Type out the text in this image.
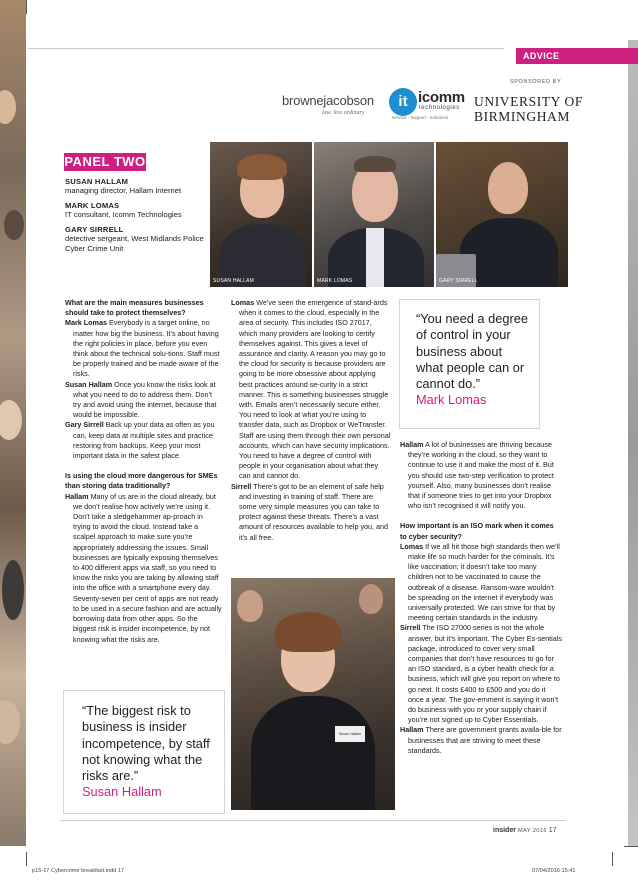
ADVICE
SPONSORED BY
brownejacobson
law. less ordinary
it icomm
technologies
service · support · solutions
UNIVERSITY OF
BIRMINGHAM
PANEL TWO
SUSAN HALLAM
managing director, Hallam Internet
MARK LOMAS
IT consultant, Icomm Technologies
GARY SIRRELL
detective sergeant, West Midlands Police Cyber Crime Unit
SUSAN HALLAM	MARK LOMAS	GARY SIRRELL

What are the main measures businesses should take to protect themselves?

Mark Lomas Everybody is a target online, no matter how big the business. It’s about having the right policies in place, before you even think about the technical solu-tions. Staff must be properly trained and be made aware of the risks.

Susan Hallam Once you know the risks look at what you need to do to address them. Don’t try and avoid using the internet, because that would be impossible.

Gary Sirrell Back up your data as often as you can, keep data at multiple sites and practice restoring from backups. Keep your most important data in the safest place.

Is using the cloud more dangerous for SMEs than storing data traditionally?

Hallam Many of us are in the cloud already, but we don’t realise how actively we’re using it. Don’t take a sledgehammer ap-proach in trying to avoid the cloud. Instead take a scalpel approach to make sure you’re appropriately addressing the issues. Small businesses are typically exposing themselves to 400 different apps via staff, so you need to know the risks you are taking by allowing staff into the office with a smartphone every day. Seventy-seven per cent of apps are not ready to be used in a secure fashion and are actually borrowing data from other apps. So the biggest risk is insider incompetence, by not knowing what the risks are.

Lomas We’ve seen the emergence of stand-ards when it comes to the cloud, especially in the area of security. This includes ISO 27017, which many providers are looking to certify themselves against. This gives a level of assurance and clarity. A reason you may go to the cloud for security is because providers are going to be more obsessive about applying best practices around se-curity in a strict manner. This is something businesses struggle with. Emails aren’t necessarily secure either. You need to look at what you’re using to transfer data, such as Dropbox or WeTransfer. Staff are using them through their own personal accounts, which can have security implications. You need to have a degree of control with people in your organisation about what they can and cannot do.

Sirrell There’s got to be an element of safe help and investing in training of staff. There are some very simple measures you can take to protect against these threats. There’s a vast amount of resources available to help you, and it’s all free.

Susan Hallam

Hallam A lot of businesses are thriving because they’re working in the cloud, so they want to continue to use it and make the most of it. But you should use two-step verification to protect yourself. Also, many businesses don’t realise that if someone tries to get into your Dropbox who isn’t recognised it will notify you.

How important is an ISO mark when it comes to cyber security?

Lomas If we all hit those high standards then we’ll make life so much harder for the criminals. It’s like vaccination; it doesn’t take too many children not to be vaccinated to cause the outbreak of a disease. Ransom-ware wouldn’t be spreading on the internet if everybody was universally protected. We can strive for that by meeting certain standards in the industry.

Sirrell The ISO 27000 series is not the whole answer, but it’s important. The Cyber Es-sentials package, introduced to cover very small companies that don’t have resources to go for an ISO standard, is a cyber health check for a business, which will give you report on where to go next. It costs £400 to £500 and you do it once a year. The gov-ernment is saying it won’t do business with you or your supply chain if you’re not signed up to Cyber Essentials.

Hallam There are government grants availa-ble for businesses that are striving to meet these standards.

“You need a degree of control in your business about what people can or cannot do.”
Mark Lomas
“The biggest risk to business is insider incompetence, by staff not knowing what the risks are.”
Susan Hallam
insider MAY 2016 17
p15-17 Cybercrime breakfast.indd 17	07/04/2016 15:41
